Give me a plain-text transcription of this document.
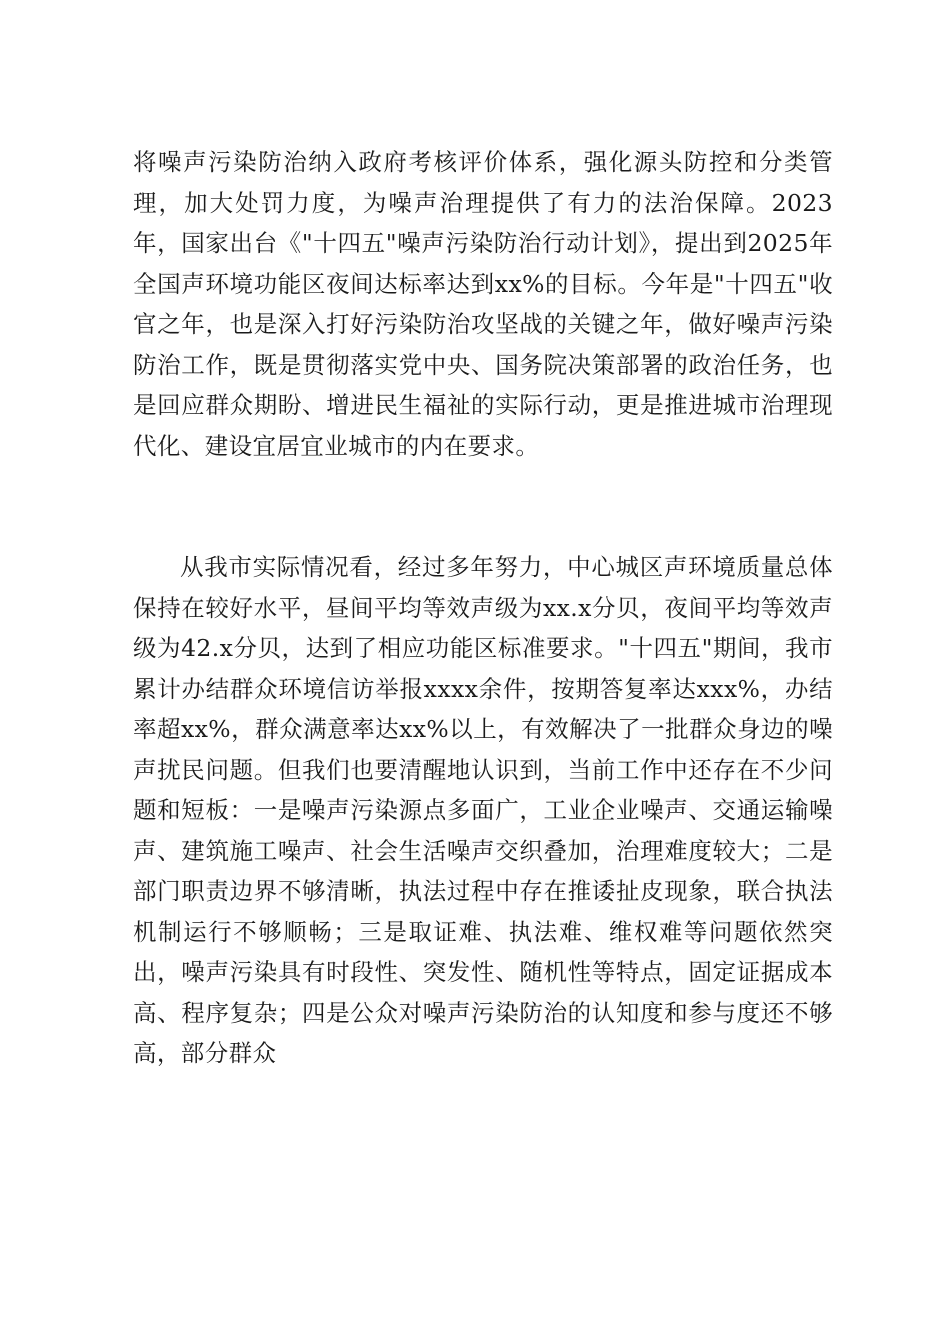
将噪声污染防治纳入政府考核评价体系，强化源头防控和分类管理，加大处罚力度，为噪声治理提供了有力的法治保障。2023年，国家出台《"十四五"噪声污染防治行动计划》，提出到2025年全国声环境功能区夜间达标率达到xx%的目标。今年是"十四五"收官之年，也是深入打好污染防治攻坚战的关键之年，做好噪声污染防治工作，既是贯彻落实党中央、国务院决策部署的政治任务，也是回应群众期盼、增进民生福祉的实际行动，更是推进城市治理现代化、建设宜居宜业城市的内在要求。

从我市实际情况看，经过多年努力，中心城区声环境质量总体保持在较好水平，昼间平均等效声级为xx.x分贝，夜间平均等效声级为42.x分贝，达到了相应功能区标准要求。"十四五"期间，我市累计办结群众环境信访举报xxxx余件，按期答复率达xxx%，办结率超xx%，群众满意率达xx%以上，有效解决了一批群众身边的噪声扰民问题。但我们也要清醒地认识到，当前工作中还存在不少问题和短板：一是噪声污染源点多面广，工业企业噪声、交通运输噪声、建筑施工噪声、社会生活噪声交织叠加，治理难度较大；二是部门职责边界不够清晰，执法过程中存在推诿扯皮现象，联合执法机制运行不够顺畅；三是取证难、执法难、维权难等问题依然突出，噪声污染具有时段性、突发性、随机性等特点，固定证据成本高、程序复杂；四是公众对噪声污染防治的认知度和参与度还不够高，部分群众
